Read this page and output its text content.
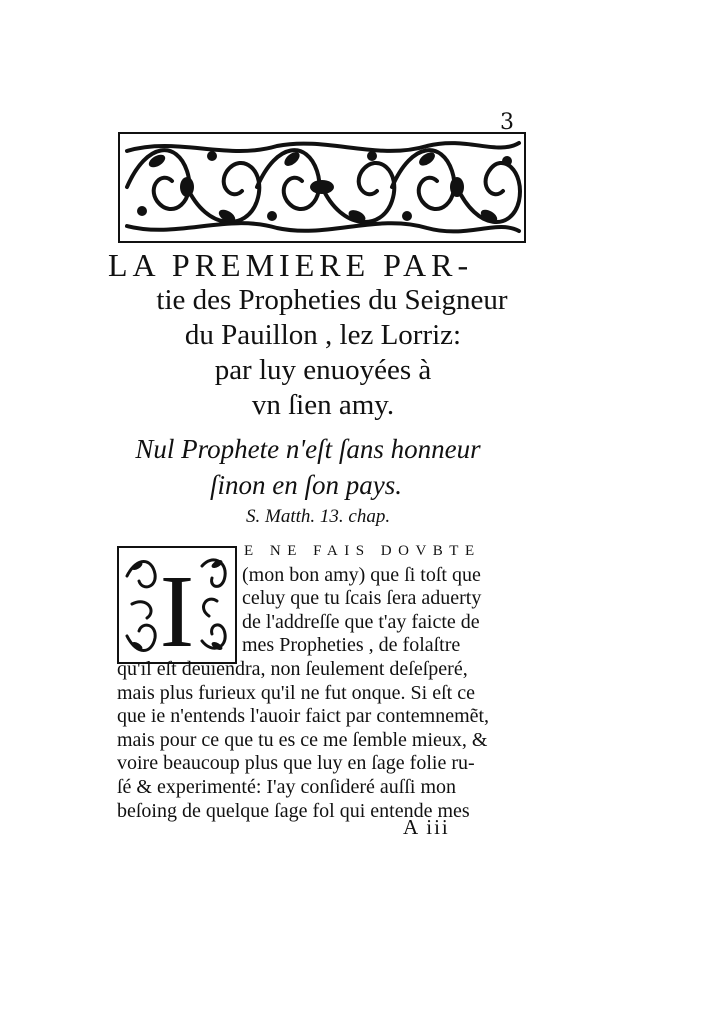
3
LA PREMIERE PAR-
tie des Propheties du Seigneur
du Pauillon , lez Lorriz:
par luy enuoyées à
vn ſien amy.
Nul Prophete n'eſt ſans honneur
ſinon en ſon pays.
S. Matth. 13. chap.
I
E NE FAIS DOVBTE
(mon bon amy) que ſi toſt que
celuy que tu ſcais ſera aduerty
de l'addreſſe que t'ay faicte de
mes Propheties , de folaſtre
qu'il eſt deuiendra, non ſeulement deſeſperé,
mais plus furieux qu'il ne fut onque. Si eſt ce
que ie n'entends l'auoir faict par contemnemẽt,
mais pour ce que tu es ce me ſemble mieux, &
voire beaucoup plus que luy en ſage folie ru-
ſé & experimenté: I'ay conſideré auſſi mon
beſoing de quelque ſage fol qui entende mes
A iii
